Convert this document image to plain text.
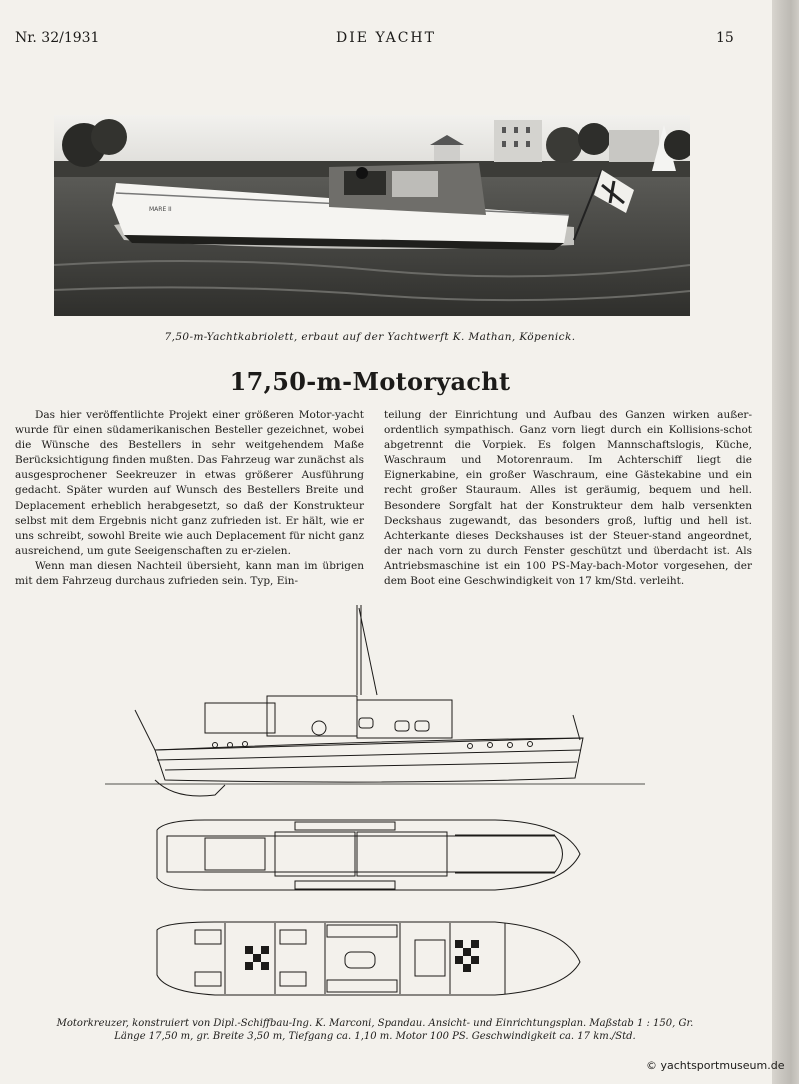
Nr. 32/1931	DIE YACHT	15
MARE II
7,50-m-Yachtkabriolett, erbaut auf der Yachtwerft K. Mathan, Köpenick.
17,50-m-Motoryacht

Das hier veröffentlichte Projekt einer größeren Motor-yacht wurde für einen südamerikanischen Besteller gezeichnet, wobei die Wünsche des Bestellers in sehr weitgehendem Maße Berücksichtigung finden mußten. Das Fahrzeug war zunächst als ausgesprochener Seekreuzer in etwas größerer Ausführung gedacht. Später wurden auf Wunsch des Bestellers Breite und Deplacement erheblich herabgesetzt, so daß der Konstrukteur selbst mit dem Ergebnis nicht ganz zufrieden ist. Er hält, wie er uns schreibt, sowohl Breite wie auch Deplacement für nicht ganz ausreichend, um gute Seeigenschaften zu er-zielen.

Wenn man diesen Nachteil übersieht, kann man im übrigen mit dem Fahrzeug durchaus zufrieden sein. Typ, Ein-

teilung der Einrichtung und Aufbau des Ganzen wirken außer-ordentlich sympathisch. Ganz vorn liegt durch ein Kollisions-schot abgetrennt die Vorpiek. Es folgen Mannschaftslogis, Küche, Waschraum und Motorenraum. Im Achterschiff liegt die Eignerkabine, ein großer Waschraum, eine Gästekabine und ein recht großer Stauraum. Alles ist geräumig, bequem und hell. Besondere Sorgfalt hat der Konstrukteur dem halb versenkten Deckshaus zugewandt, das besonders groß, luftig und hell ist. Achterkante dieses Deckshauses ist der Steuer-stand angeordnet, der nach vorn zu durch Fenster geschützt und überdacht ist. Als Antriebsmaschine ist ein 100 PS-May-bach-Motor vorgesehen, der dem Boot eine Geschwindigkeit von 17 km/Std. verleiht.

Motorkreuzer, konstruiert von Dipl.-Schiffbau-Ing. K. Marconi, Spandau. Ansicht- und Einrichtungsplan. Maßstab 1 : 150, Gr.
Länge 17,50 m, gr. Breite 3,50 m, Tiefgang ca. 1,10 m. Motor 100 PS. Geschwindigkeit ca. 17 km./Std.
© yachtsportmuseum.de
